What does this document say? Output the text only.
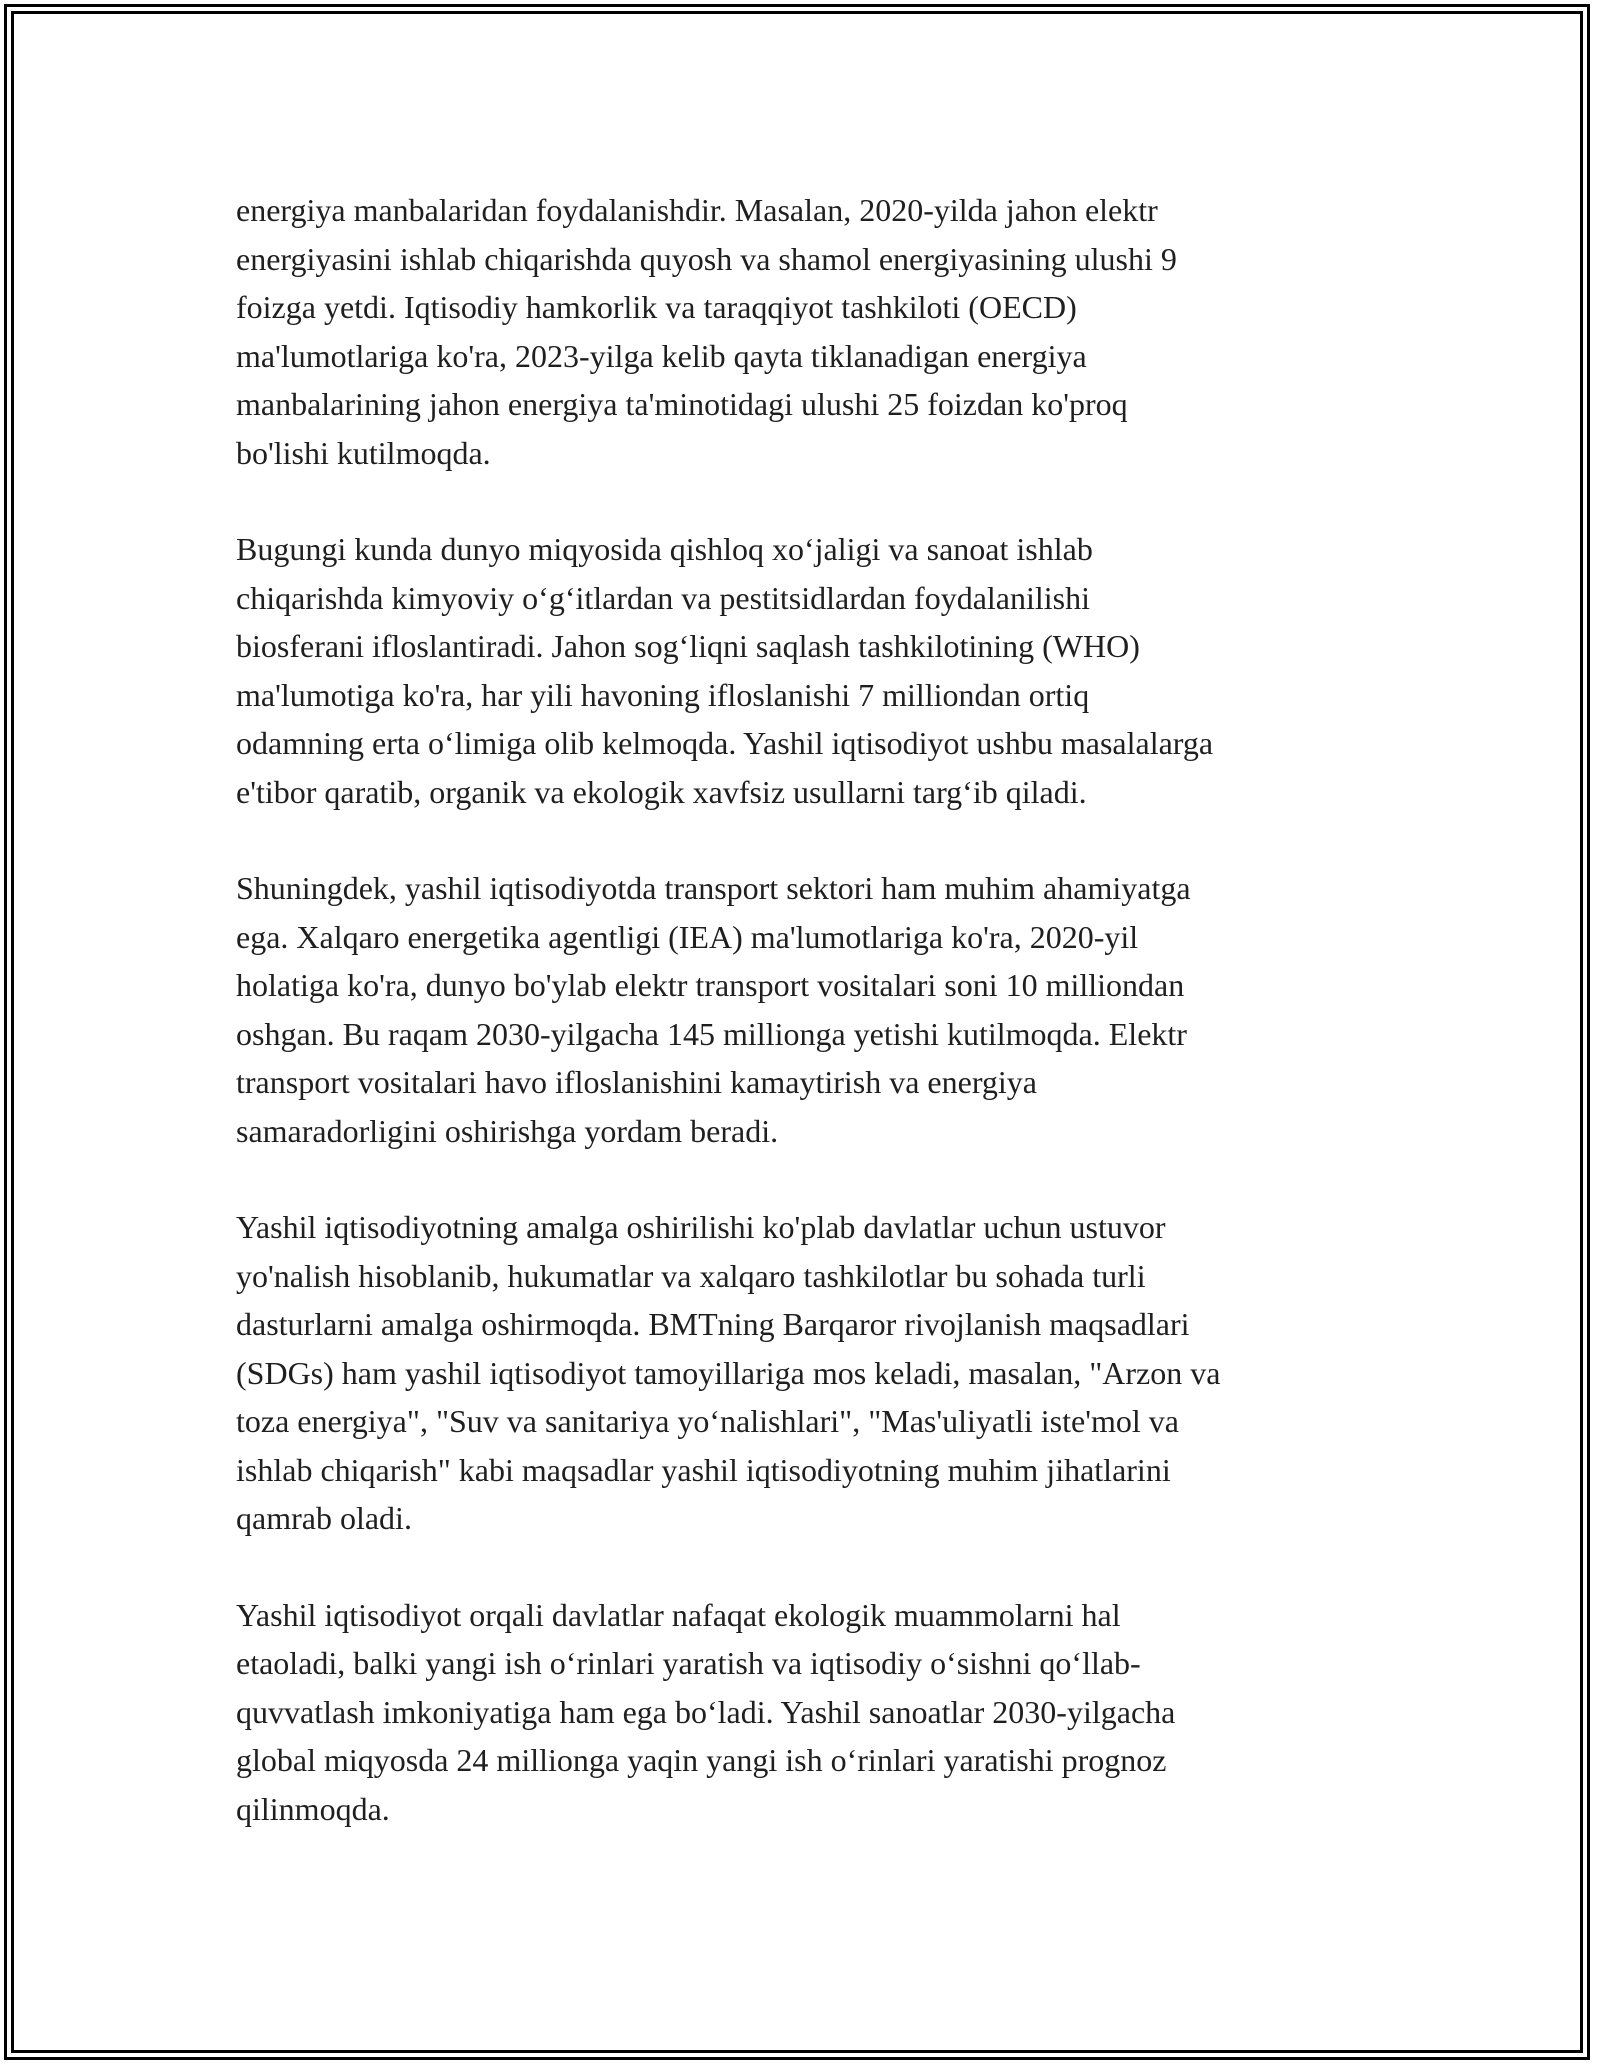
energiya manbalaridan foydalanishdir. Masalan, 2020-yilda jahon elektr
energiyasini ishlab chiqarishda quyosh va shamol energiyasining ulushi 9
foizga yetdi. Iqtisodiy hamkorlik va taraqqiyot tashkiloti (OECD)
ma'lumotlariga ko'ra, 2023-yilga kelib qayta tiklanadigan energiya
manbalarining jahon energiya ta'minotidagi ulushi 25 foizdan ko'proq
bo'lishi kutilmoqda.

Bugungi kunda dunyo miqyosida qishloq xo‘jaligi va sanoat ishlab
chiqarishda kimyoviy o‘g‘itlardan va pestitsidlardan foydalanilishi
biosferani ifloslantiradi. Jahon sog‘liqni saqlash tashkilotining (WHO)
ma'lumotiga ko'ra, har yili havoning ifloslanishi 7 milliondan ortiq
odamning erta o‘limiga olib kelmoqda. Yashil iqtisodiyot ushbu masalalarga
e'tibor qaratib, organik va ekologik xavfsiz usullarni targ‘ib qiladi.

Shuningdek, yashil iqtisodiyotda transport sektori ham muhim ahamiyatga
ega. Xalqaro energetika agentligi (IEA) ma'lumotlariga ko'ra, 2020-yil
holatiga ko'ra, dunyo bo'ylab elektr transport vositalari soni 10 milliondan
oshgan. Bu raqam 2030-yilgacha 145 millionga yetishi kutilmoqda. Elektr
transport vositalari havo ifloslanishini kamaytirish va energiya
samaradorligini oshirishga yordam beradi.

Yashil iqtisodiyotning amalga oshirilishi ko'plab davlatlar uchun ustuvor
yo'nalish hisoblanib, hukumatlar va xalqaro tashkilotlar bu sohada turli
dasturlarni amalga oshirmoqda. BMTning Barqaror rivojlanish maqsadlari
(SDGs) ham yashil iqtisodiyot tamoyillariga mos keladi, masalan, "Arzon va
toza energiya", "Suv va sanitariya yo‘nalishlari", "Mas'uliyatli iste'mol va
ishlab chiqarish" kabi maqsadlar yashil iqtisodiyotning muhim jihatlarini
qamrab oladi.

Yashil iqtisodiyot orqali davlatlar nafaqat ekologik muammolarni hal
etaoladi, balki yangi ish o‘rinlari yaratish va iqtisodiy o‘sishni qo‘llab-
quvvatlash imkoniyatiga ham ega bo‘ladi. Yashil sanoatlar 2030-yilgacha
global miqyosda 24 millionga yaqin yangi ish o‘rinlari yaratishi prognoz
qilinmoqda.
